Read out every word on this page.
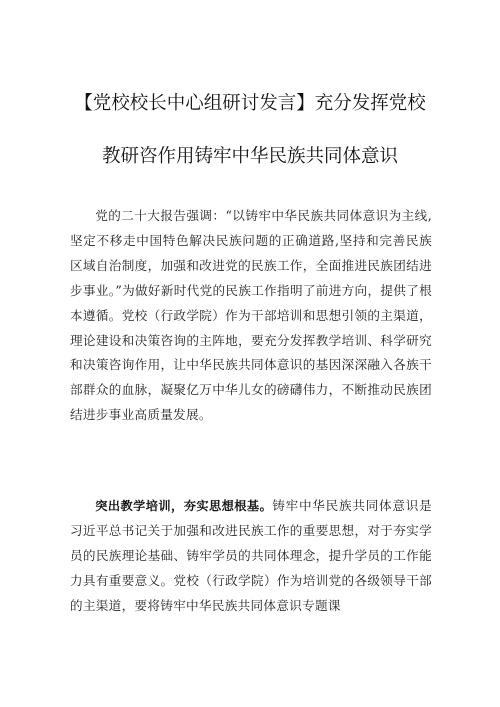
【党校校长中心组研讨发言】充分发挥党校
教研咨作用铸牢中华民族共同体意识

党的二十大报告强调：“以铸牢中华民族共同体意识为主线,坚定不移走中国特色解决民族问题的正确道路,坚持和完善民族区域自治制度，加强和改进党的民族工作，全面推进民族团结进步事业。”为做好新时代党的民族工作指明了前进方向，提供了根本遵循。党校（行政学院）作为干部培训和思想引领的主渠道，理论建设和决策咨询的主阵地，要充分发挥教学培训、科学研究和决策咨询作用，让中华民族共同体意识的基因深深融入各族干部群众的血脉，凝聚亿万中华儿女的磅礴伟力，不断推动民族团结进步事业高质量发展。

突出教学培训，夯实思想根基。铸牢中华民族共同体意识是习近平总书记关于加强和改进民族工作的重要思想，对于夯实学员的民族理论基础、铸牢学员的共同体理念，提升学员的工作能力具有重要意义。党校（行政学院）作为培训党的各级领导干部的主渠道，要将铸牢中华民族共同体意识专题课
